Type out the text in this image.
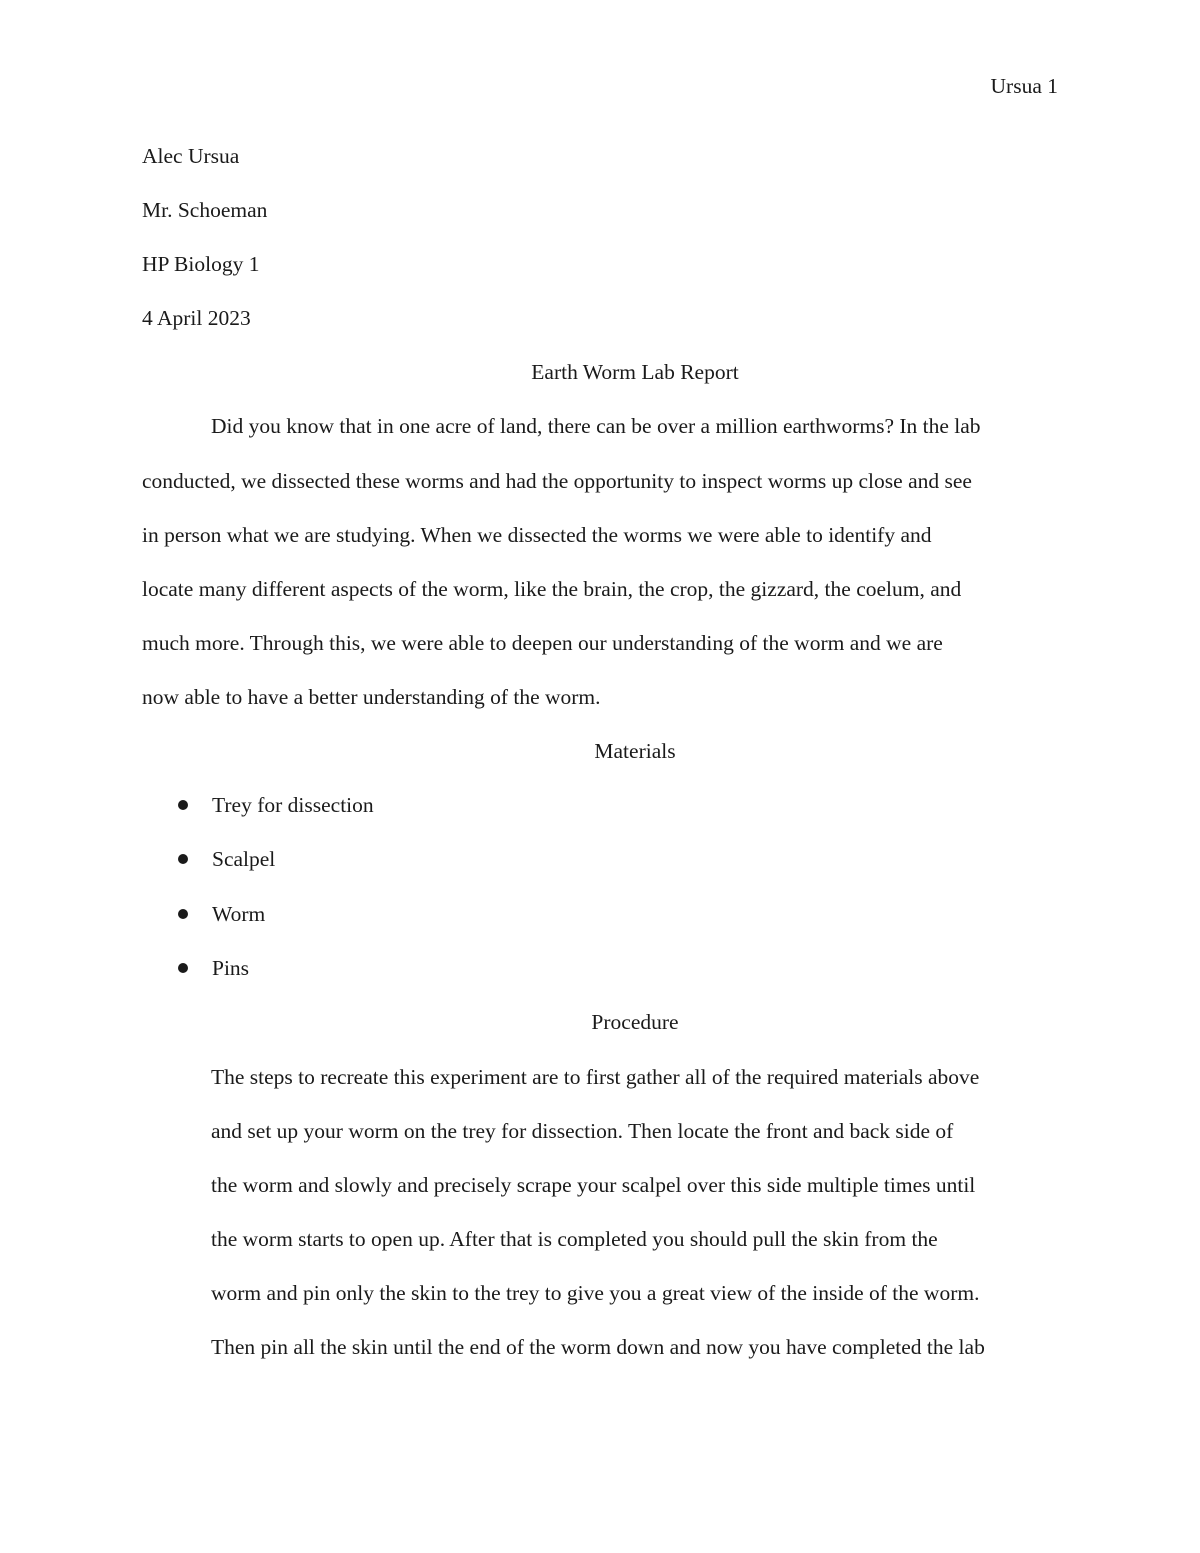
Ursua 1
Alec Ursua
Mr. Schoeman
HP Biology 1
4 April 2023
Earth Worm Lab Report
Did you know that in one acre of land, there can be over a million earthworms? In the lab
conducted, we dissected these worms and had the opportunity to inspect worms up close and see
in person what we are studying. When we dissected the worms we were able to identify and
locate many different aspects of the worm, like the brain, the crop, the gizzard, the coelum, and
much more. Through this, we were able to deepen our understanding of the worm and we are
now able to have a better understanding of the worm.
Materials
Trey for dissection
Scalpel
Worm
Pins
Procedure
The steps to recreate this experiment are to first gather all of the required materials above
and set up your worm on the trey for dissection. Then locate the front and back side of
the worm and slowly and precisely scrape your scalpel over this side multiple times until
the worm starts to open up. After that is completed you should pull the skin from the
worm and pin only the skin to the trey to give you a great view of the inside of the worm.
Then pin all the skin until the end of the worm down and now you have completed the lab
